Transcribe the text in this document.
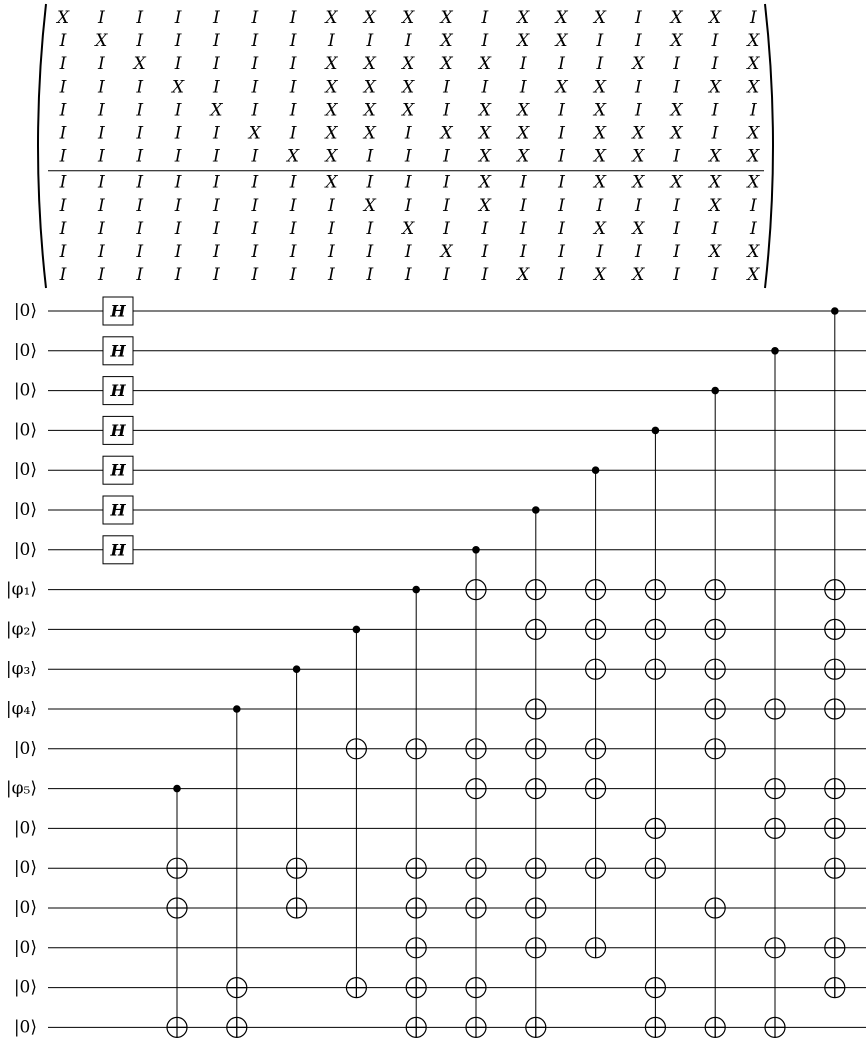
X I I I I I I X X X X I X X X I X X I
I X I I I I I I I I X I X X I I X I X
I I X I I I I X X X X X I I I X I I X
I I I X I I I X X X I I I X X I I X X
I I I I X I I X X X I X X I X I X I I
I I I I I X I X X I X X X I X X X I X
I I I I I I X X I I I X X I X X I X X
I I I I I I I X I I I X I I X X X X X
I I I I I I I I X I I X I I I I I X I
I I I I I I I I I X I I I I X X I I I
I I I I I I I I I I X I I I I I I X X
I I I I I I I I I I I I X I X X I I X
H
H
H
H
H
H
H
|0⟩
|0⟩
|0⟩
|0⟩
|0⟩
|0⟩
|0⟩
|φ₁⟩
|φ₂⟩
|φ₃⟩
|φ₄⟩
|0⟩
|φ₅⟩
|0⟩
|0⟩
|0⟩
|0⟩
|0⟩
|0⟩
